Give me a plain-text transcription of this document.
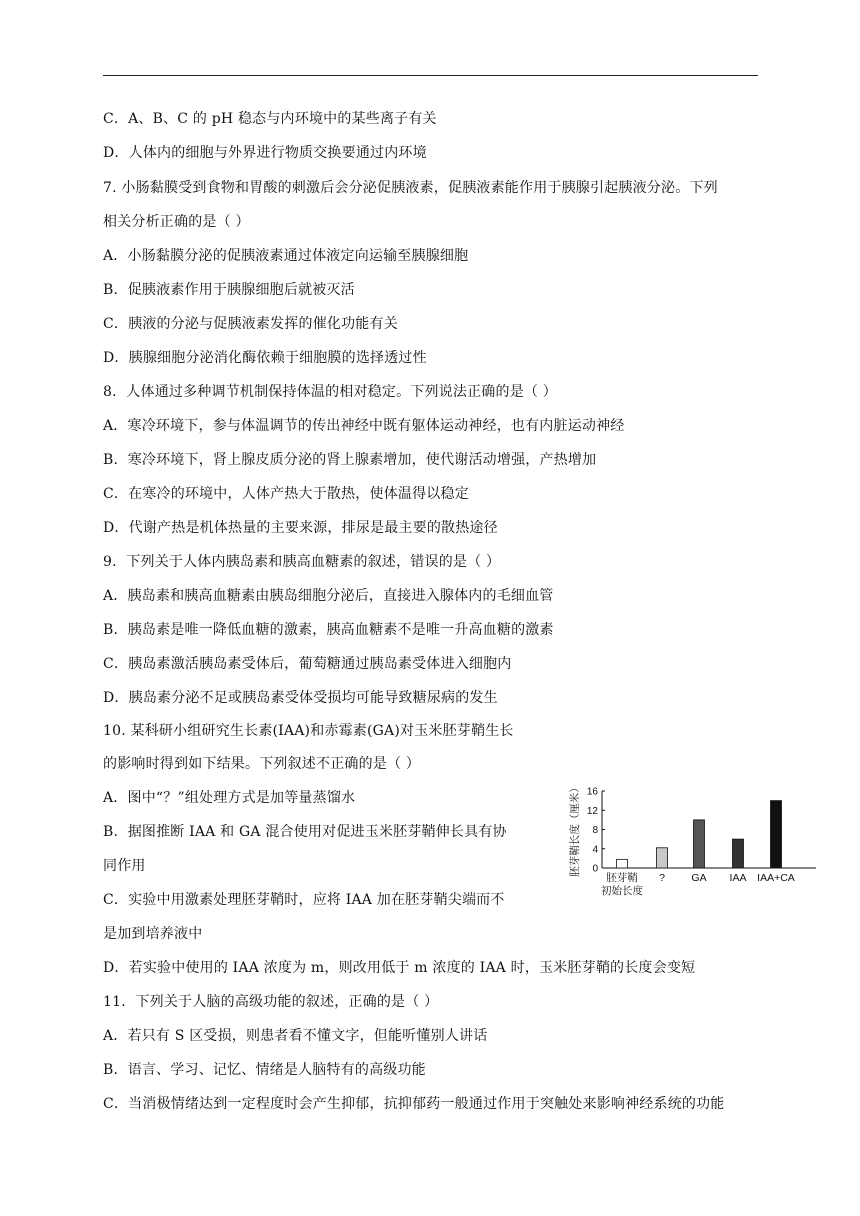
C．A、B、C 的 pH 稳态与内环境中的某些离子有关
D．人体内的细胞与外界进行物质交换要通过内环境
7. 小肠黏膜受到食物和胃酸的刺激后会分泌促胰液素，促胰液素能作用于胰腺引起胰液分泌。下列
相关分析正确的是（ ）
A．小肠黏膜分泌的促胰液素通过体液定向运输至胰腺细胞
B．促胰液素作用于胰腺细胞后就被灭活
C．胰液的分泌与促胰液素发挥的催化功能有关
D．胰腺细胞分泌消化酶依赖于细胞膜的选择透过性
8．人体通过多种调节机制保持体温的相对稳定。下列说法正确的是（ ）
A．寒冷环境下，参与体温调节的传出神经中既有躯体运动神经，也有内脏运动神经
B．寒冷环境下，肾上腺皮质分泌的肾上腺素增加，使代谢活动增强，产热增加
C．在寒冷的环境中，人体产热大于散热，使体温得以稳定
D．代谢产热是机体热量的主要来源，排尿是最主要的散热途径
9．下列关于人体内胰岛素和胰高血糖素的叙述，错误的是（ ）
A．胰岛素和胰高血糖素由胰岛细胞分泌后，直接进入腺体内的毛细血管
B．胰岛素是唯一降低血糖的激素，胰高血糖素不是唯一升高血糖的激素
C．胰岛素激活胰岛素受体后，葡萄糖通过胰岛素受体进入细胞内
D．胰岛素分泌不足或胰岛素受体受损均可能导致糖尿病的发生
10. 某科研小组研究生长素(IAA)和赤霉素(GA)对玉米胚芽鞘生长
的影响时得到如下结果。下列叙述不正确的是（ ）
A．图中“？”组处理方式是加等量蒸馏水
B．据图推断 IAA 和 GA 混合使用对促进玉米胚芽鞘伸长具有协
同作用
C．实验中用激素处理胚芽鞘时，应将 IAA 加在胚芽鞘尖端而不
是加到培养液中
D．若实验中使用的 IAA 浓度为 m，则改用低于 m 浓度的 IAA 时，玉米胚芽鞘的长度会变短
11．下列关于人脑的高级功能的叙述，正确的是（ ）
A．若只有 S 区受损，则患者看不懂文字，但能听懂别人讲话
B．语言、学习、记忆、情绪是人脑特有的高级功能
C．当消极情绪达到一定程度时会产生抑郁，抗抑郁药一般通过作用于突触处来影响神经系统的功能
胚芽鞘长度（厘米） 0
4
8
12
16
胚芽鞘初始长度
?	GA IAA IAA+CA
